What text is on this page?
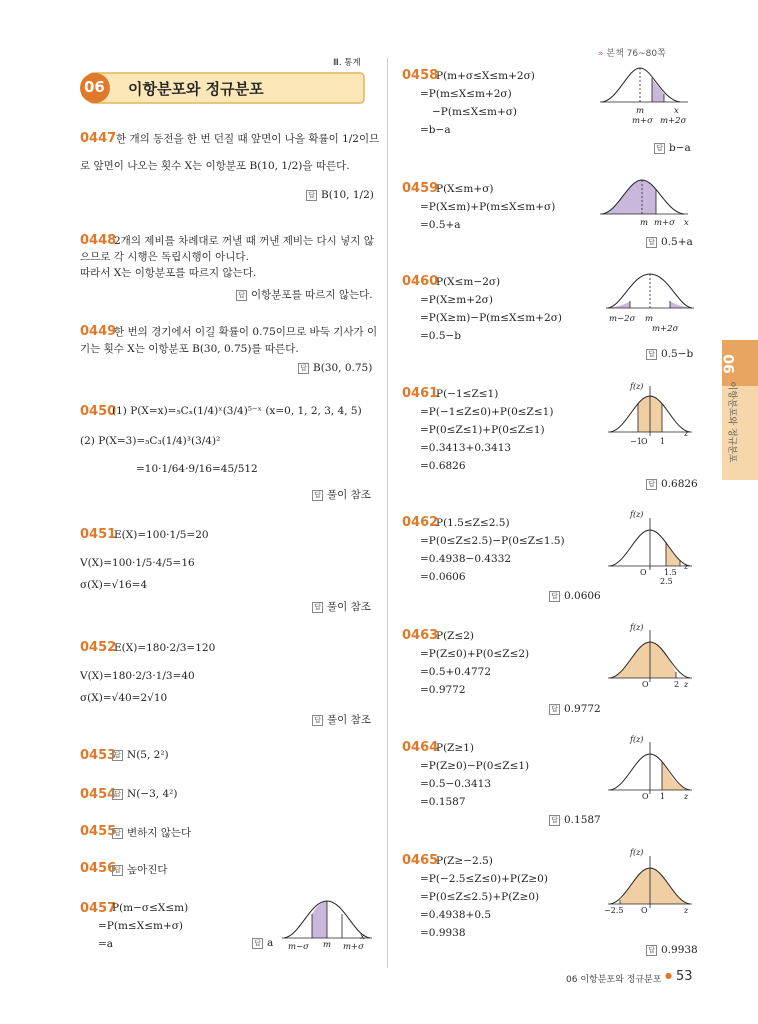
Ⅲ. 통계
» 본책 76~80쪽
06 이항분포와 정규분포
0447 한 개의 동전을 한 번 던질 때 앞면이 나올 확률이 1/2이므
로 앞면이 나오는 횟수 X는 이항분포 B(10, 1/2)을 따른다.
답 B(10, 1/2)
0448
2개의 제비를 차례대로 꺼낼 때 꺼낸 제비는 다시 넣지 않
으므로 각 시행은 독립시행이 아니다.
따라서 X는 이항분포를 따르지 않는다.
답 이항분포를 따르지 않는다.
0449
한 번의 경기에서 이길 확률이 0.75이므로 바둑 기사가 이
기는 횟수 X는 이항분포 B(30, 0.75)를 따른다.
답 B(30, 0.75)
0450
(1) P(X=x)=₅Cₓ(1/4)ˣ(3/4)⁵⁻ˣ (x=0, 1, 2, 3, 4, 5)
(2) P(X=3)=₅C₃(1/4)³(3/4)²
=10·1/64·9/16=45/512
답 풀이 참조
0451
E(X)=100·1/5=20
V(X)=100·1/5·4/5=16
σ(X)=√16=4
답 풀이 참조
0452
E(X)=180·2/3=120
V(X)=180·2/3·1/3=40
σ(X)=√40=2√10
답 풀이 참조
0453	답 N(5, 2²)
0454	답 N(−3, 4²)
0455	답 변하지 않는다
0456	답 높아진다
0457
P(m−σ≤X≤m)
=P(m≤X≤m+σ)
=a	답 a m−σ m m+σ
x
0458
P(m+σ≤X≤m+2σ)
=P(m≤X≤m+2σ)
−P(m≤X≤m+σ)
=b−a
m
m+σ m+2σ
x
답 b−a
0459
P(X≤m+σ)
=P(X≤m)+P(m≤X≤m+σ)
=0.5+a	m m+σ x
답 0.5+a
0460
P(X≤m−2σ)
=P(X≥m+2σ)
=P(X≥m)−P(m≤X≤m+2σ)
=0.5−b
m−2σ m
m+2σ
답 0.5−b
0461
P(−1≤Z≤1)
=P(−1≤Z≤0)+P(0≤Z≤1)
=P(0≤Z≤1)+P(0≤Z≤1)
=0.3413+0.3413
=0.6826
f(z)
−1 O 1
z
답 0.6826
0462
P(1.5≤Z≤2.5)
=P(0≤Z≤2.5)−P(0≤Z≤1.5)
=0.4938−0.4332
=0.0606
f(z)
O 1.5
2.5
z
답 0.0606
0463
P(Z≤2)
=P(Z≤0)+P(0≤Z≤2)
=0.5+0.4772
=0.9772
f(z)
O	2 z
답 0.9772
0464
P(Z≥1)
=P(Z≥0)−P(0≤Z≤1)
=0.5−0.3413
=0.1587
f(z)
O 1 z
답 0.1587
0465
P(Z≥−2.5)
=P(−2.5≤Z≤0)+P(Z≥0)
=P(0≤Z≤2.5)+P(Z≥0)
=0.4938+0.5
=0.9938
f(z)
−2.5 O	z
답 0.9938
06
이항분포와 정규분포
06 이항분포와 정규분포 ● 53
